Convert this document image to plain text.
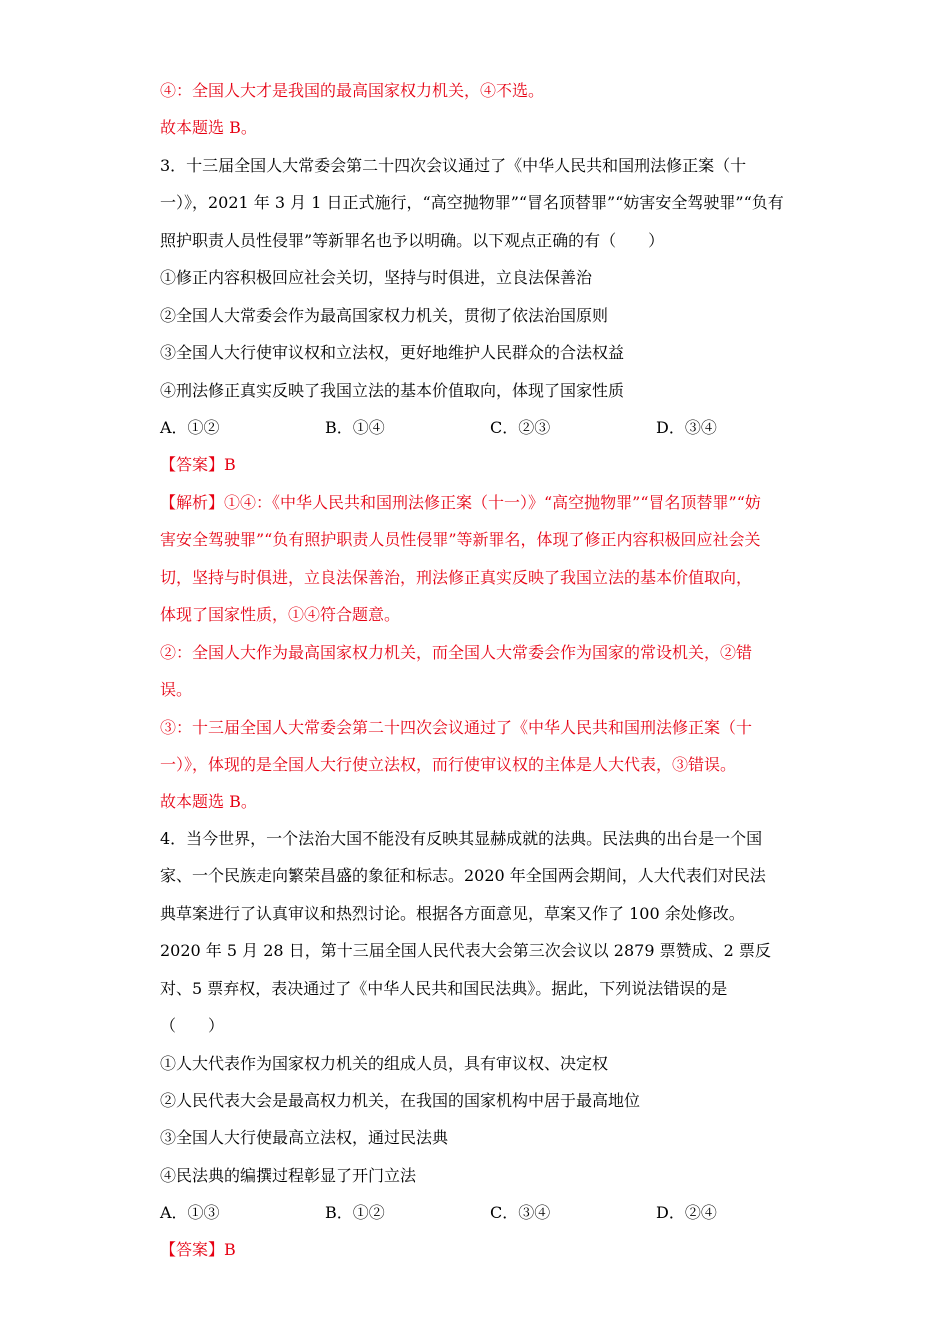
④：全国人大才是我国的最高国家权力机关，④不选。
故本题选 B。
3．十三届全国人大常委会第二十四次会议通过了《中华人民共和国刑法修正案（十
一）》，2021 年 3 月 1 日正式施行，“高空抛物罪”“冒名顶替罪”“妨害安全驾驶罪”“负有
照护职责人员性侵罪”等新罪名也予以明确。以下观点正确的有（　　）
①修正内容积极回应社会关切，坚持与时俱进，立良法保善治
②全国人大常委会作为最高国家权力机关，贯彻了依法治国原则
③全国人大行使审议权和立法权，更好地维护人民群众的合法权益
④刑法修正真实反映了我国立法的基本价值取向，体现了国家性质
A．①②	B．①④	C．②③	D．③④
【答案】B
【解析】①④：《中华人民共和国刑法修正案（十一）》“高空抛物罪”“冒名顶替罪”“妨
害安全驾驶罪”“负有照护职责人员性侵罪”等新罪名，体现了修正内容积极回应社会关
切，坚持与时俱进，立良法保善治，刑法修正真实反映了我国立法的基本价值取向，
体现了国家性质，①④符合题意。
②：全国人大作为最高国家权力机关，而全国人大常委会作为国家的常设机关，②错
误。
③：十三届全国人大常委会第二十四次会议通过了《中华人民共和国刑法修正案（十
一）》，体现的是全国人大行使立法权，而行使审议权的主体是人大代表，③错误。
故本题选 B。
4．当今世界，一个法治大国不能没有反映其显赫成就的法典。民法典的出台是一个国
家、一个民族走向繁荣昌盛的象征和标志。2020 年全国两会期间，人大代表们对民法
典草案进行了认真审议和热烈讨论。根据各方面意见，草案又作了 100 余处修改。
2020 年 5 月 28 日，第十三届全国人民代表大会第三次会议以 2879 票赞成、2 票反
对、5 票弃权，表决通过了《中华人民共和国民法典》。据此，下列说法错误的是
（　　）
①人大代表作为国家权力机关的组成人员，具有审议权、决定权
②人民代表大会是最高权力机关，在我国的国家机构中居于最高地位
③全国人大行使最高立法权，通过民法典
④民法典的编撰过程彰显了开门立法
A．①③	B．①②	C．③④	D．②④
【答案】B
